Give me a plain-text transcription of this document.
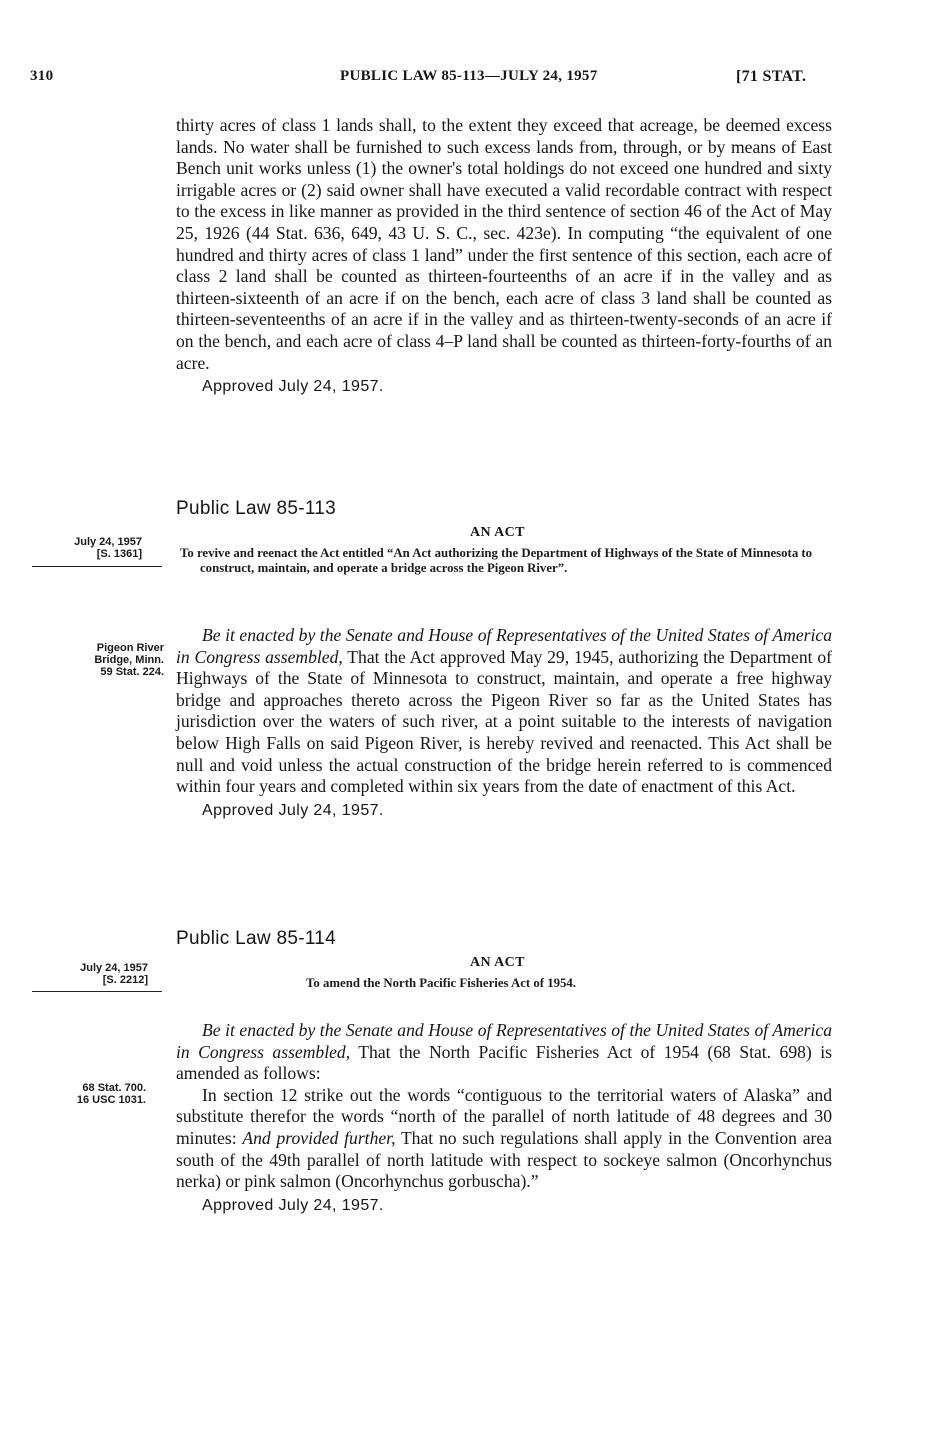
310	PUBLIC LAW 85-113—JULY 24, 1957	[71 STAT.

thirty acres of class 1 lands shall, to the extent they exceed that acreage, be deemed excess lands. No water shall be furnished to such excess lands from, through, or by means of East Bench unit works unless (1) the owner's total holdings do not exceed one hundred and sixty irrigable acres or (2) said owner shall have executed a valid recordable contract with respect to the excess in like manner as provided in the third sentence of section 46 of the Act of May 25, 1926 (44 Stat. 636, 649, 43 U. S. C., sec. 423e). In computing “the equivalent of one hundred and thirty acres of class 1 land” under the first sentence of this section, each acre of class 2 land shall be counted as thirteen-fourteenths of an acre if in the valley and as thirteen-sixteenth of an acre if on the bench, each acre of class 3 land shall be counted as thirteen-seventeenths of an acre if in the valley and as thirteen-twenty-seconds of an acre if on the bench, and each acre of class 4–P land shall be counted as thirteen-forty-fourths of an acre.

Approved July 24, 1957.

Public Law 85-113
AN ACT
To revive and reenact the Act entitled “An Act authorizing the Department of Highways of the State of Minnesota to construct, maintain, and operate a bridge across the Pigeon River”.
July 24, 1957
[S. 1361]
Pigeon River
Bridge, Minn.
59 Stat. 224.

Be it enacted by the Senate and House of Representatives of the United States of America in Congress assembled, That the Act approved May 29, 1945, authorizing the Department of Highways of the State of Minnesota to construct, maintain, and operate a free highway bridge and approaches thereto across the Pigeon River so far as the United States has jurisdiction over the waters of such river, at a point suitable to the interests of navigation below High Falls on said Pigeon River, is hereby revived and reenacted. This Act shall be null and void unless the actual construction of the bridge herein referred to is commenced within four years and completed within six years from the date of enactment of this Act.

Approved July 24, 1957.

Public Law 85-114
AN ACT
To amend the North Pacific Fisheries Act of 1954.
July 24, 1957
[S. 2212]
68 Stat. 700.
16 USC 1031.

Be it enacted by the Senate and House of Representatives of the United States of America in Congress assembled, That the North Pacific Fisheries Act of 1954 (68 Stat. 698) is amended as follows:

In section 12 strike out the words “contiguous to the territorial waters of Alaska” and substitute therefor the words “north of the parallel of north latitude of 48 degrees and 30 minutes: And provided further, That no such regulations shall apply in the Convention area south of the 49th parallel of north latitude with respect to sockeye salmon (Oncorhynchus nerka) or pink salmon (Oncorhynchus gorbuscha).”

Approved July 24, 1957.
